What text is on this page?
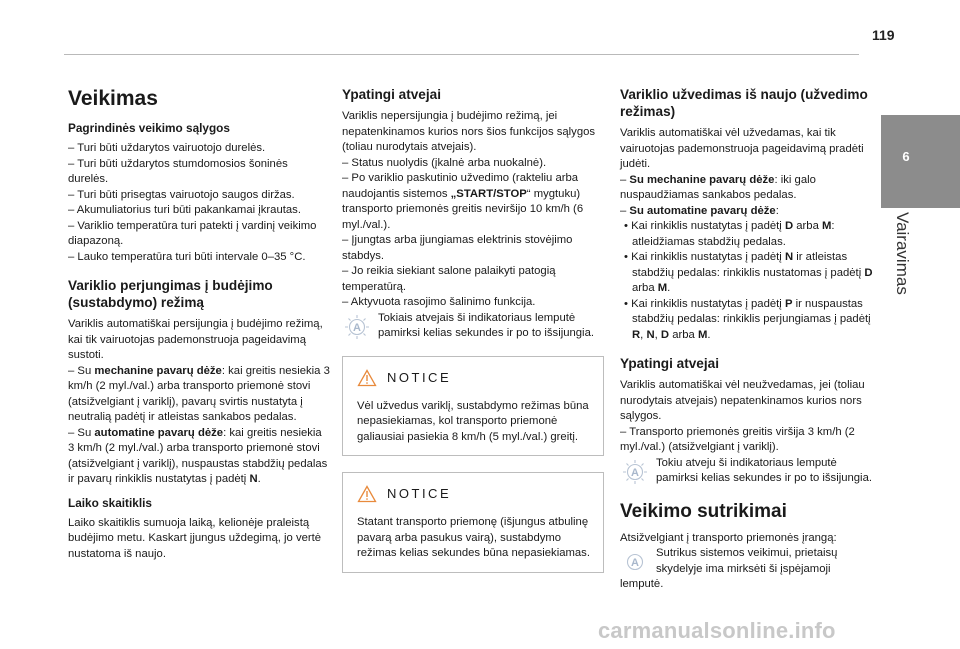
119
6
Vairavimas
Veikimas
Pagrindinės veikimo sąlygos

– Turi būti uždarytos vairuotojo durelės.

– Turi būti uždarytos stumdomosios šoninės durelės.

– Turi būti prisegtas vairuotojo saugos diržas.

– Akumuliatorius turi būti pakankamai įkrautas.

– Variklio temperatūra turi patekti į vardinį veikimo diapazoną.

– Lauko temperatūra turi būti intervale 0–35 °C.

Variklio perjungimas į budėjimo (sustabdymo) režimą

Variklis automatiškai persijungia į budėjimo režimą, kai tik vairuotojas pademonstruoja pageidavimą sustoti.

– Su mechanine pavarų dėže: kai greitis nesiekia 3 km/h (2 myl./val.) arba transporto priemonė stovi (atsižvelgiant į variklį), pavarų svirtis nustatyta į neutralią padėtį ir atleistas sankabos pedalas.

– Su automatine pavarų dėže: kai greitis nesiekia 3 km/h (2 myl./val.) arba transporto priemonė stovi (atsižvelgiant į variklį), nuspaustas stabdžių pedalas ir pavarų rinkiklis nustatytas į padėtį N.

Laiko skaitiklis

Laiko skaitiklis sumuoja laiką, kelionėje praleistą budėjimo metu. Kaskart įjungus uždegimą, jo vertė nustatoma iš naujo.

Ypatingi atvejai

Variklis nepersijungia į budėjimo režimą, jei nepatenkinamos kurios nors šios funkcijos sąlygos (toliau nurodytais atvejais).

– Status nuolydis (įkalnė arba nuokalnė).

– Po variklio paskutinio užvedimo (rakteliu arba naudojantis sistemos „START/STOP“ mygtuku) transporto priemonės greitis neviršijo 10 km/h (6 myl./val.).

– Įjungtas arba įjungiamas elektrinis stovėjimo stabdys.

– Jo reikia siekiant salone palaikyti patogią temperatūrą.

– Aktyvuota rasojimo šalinimo funkcija.

A
Tokiais atvejais ši indikatoriaus lemputė pamirksi kelias sekundes ir po to išsijungia.
NOTICE

Vėl užvedus variklį, sustabdymo režimas būna nepasiekiamas, kol transporto priemonė galiausiai pasiekia 8 km/h (5 myl./val.) greitį.

NOTICE

Statant transporto priemonę (išjungus atbulinę pavarą arba pasukus vairą), sustabdymo režimas kelias sekundes būna nepasiekiamas.

Variklio užvedimas iš naujo (užvedimo režimas)

Variklis automatiškai vėl užvedamas, kai tik vairuotojas pademonstruoja pageidavimą pradėti judėti.

– Su mechanine pavarų dėže: iki galo nuspaudžiamas sankabos pedalas.

– Su automatine pavarų dėže:

• Kai rinkiklis nustatytas į padėtį D arba M: atleidžiamas stabdžių pedalas.

• Kai rinkiklis nustatytas į padėtį N ir atleistas stabdžių pedalas: rinkiklis nustatomas į padėtį D arba M.

• Kai rinkiklis nustatytas į padėtį P ir nuspaustas stabdžių pedalas: rinkiklis perjungiamas į padėtį R, N, D arba M.

Ypatingi atvejai

Variklis automatiškai vėl neužvedamas, jei (toliau nurodytais atvejais) nepatenkinamos kurios nors sąlygos.

– Transporto priemonės greitis viršija 3 km/h (2 myl./val.) (atsižvelgiant į variklį).

A
Tokiu atveju ši indikatoriaus lemputė pamirksi kelias sekundes ir po to išsijungia.
Veikimo sutrikimai

Atsižvelgiant į transporto priemonės įrangą:

A
Sutrikus sistemos veikimui, prietaisų skydelyje ima mirksėti ši įspėjamoji lemputė.
carmanualsonline.info
